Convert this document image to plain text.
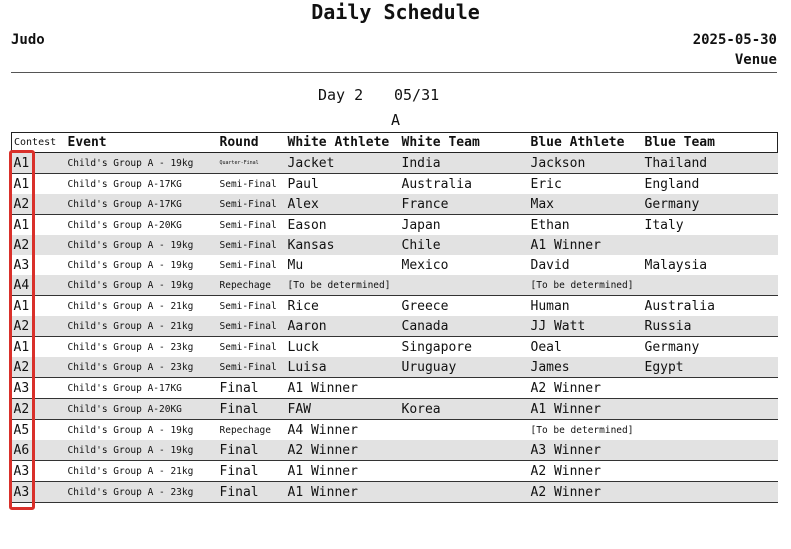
Daily Schedule
Judo	2025-05-30
Venue
Day 2 05/31
A
Contest	Event	Round	White Athlete	White Team	Blue Athlete	Blue Team
A1	Child's Group A - 19kg	Quarter-Final	Jacket	India	Jackson	Thailand
A1	Child's Group A-17KG	Semi-Final	Paul	Australia	Eric	England
A2	Child's Group A-17KG	Semi-Final	Alex	France	Max	Germany
A1	Child's Group A-20KG	Semi-Final	Eason	Japan	Ethan	Italy
A2	Child's Group A - 19kg	Semi-Final	Kansas	Chile	A1 Winner	
A3	Child's Group A - 19kg	Semi-Final	Mu	Mexico	David	Malaysia
A4	Child's Group A - 19kg	Repechage	[To be determined]		[To be determined]	
A1	Child's Group A - 21kg	Semi-Final	Rice	Greece	Human	Australia
A2	Child's Group A - 21kg	Semi-Final	Aaron	Canada	JJ Watt	Russia
A1	Child's Group A - 23kg	Semi-Final	Luck	Singapore	Oeal	Germany
A2	Child's Group A - 23kg	Semi-Final	Luisa	Uruguay	James	Egypt
A3	Child's Group A-17KG	Final	A1 Winner		A2 Winner	
A2	Child's Group A-20KG	Final	FAW	Korea	A1 Winner	
A5	Child's Group A - 19kg	Repechage	A4 Winner		[To be determined]	
A6	Child's Group A - 19kg	Final	A2 Winner		A3 Winner	
A3	Child's Group A - 21kg	Final	A1 Winner		A2 Winner	
A3	Child's Group A - 23kg	Final	A1 Winner		A2 Winner	
